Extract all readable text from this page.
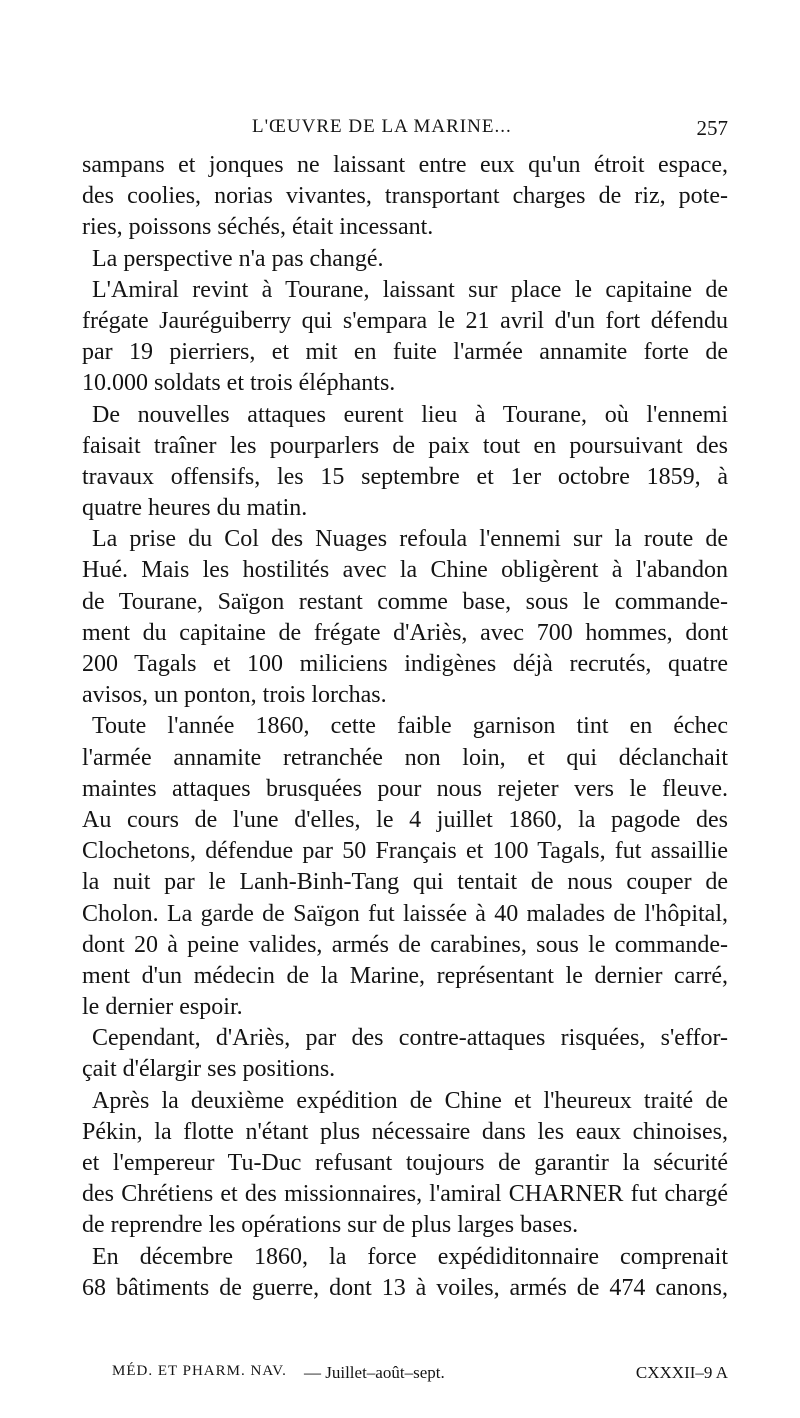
L'ŒUVRE DE LA MARINE...	257
sampans et jonques ne laissant entre eux qu'un étroit espace,
des coolies, norias vivantes, transportant charges de riz, pote-
ries, poissons séchés, était incessant.
La perspective n'a pas changé.
L'Amiral revint à Tourane, laissant sur place le capitaine de
frégate Jauréguiberry qui s'empara le 21 avril d'un fort défendu
par 19 pierriers, et mit en fuite l'armée annamite forte de
10.000 soldats et trois éléphants.
De nouvelles attaques eurent lieu à Tourane, où l'ennemi
faisait traîner les pourparlers de paix tout en poursuivant des
travaux offensifs, les 15 septembre et 1er octobre 1859, à
quatre heures du matin.
La prise du Col des Nuages refoula l'ennemi sur la route de
Hué. Mais les hostilités avec la Chine obligèrent à l'abandon
de Tourane, Saïgon restant comme base, sous le commande-
ment du capitaine de frégate d'Ariès, avec 700 hommes, dont
200 Tagals et 100 miliciens indigènes déjà recrutés, quatre
avisos, un ponton, trois lorchas.
Toute l'année 1860, cette faible garnison tint en échec
l'armée annamite retranchée non loin, et qui déclanchait
maintes attaques brusquées pour nous rejeter vers le fleuve.
Au cours de l'une d'elles, le 4 juillet 1860, la pagode des
Clochetons, défendue par 50 Français et 100 Tagals, fut assaillie
la nuit par le Lanh-Binh-Tang qui tentait de nous couper de
Cholon. La garde de Saïgon fut laissée à 40 malades de l'hôpital,
dont 20 à peine valides, armés de carabines, sous le commande-
ment d'un médecin de la Marine, représentant le dernier carré,
le dernier espoir.
Cependant, d'Ariès, par des contre-attaques risquées, s'effor-
çait d'élargir ses positions.
Après la deuxième expédition de Chine et l'heureux traité de
Pékin, la flotte n'étant plus nécessaire dans les eaux chinoises,
et l'empereur Tu-Duc refusant toujours de garantir la sécurité
des Chrétiens et des missionnaires, l'amiral CHARNER fut chargé
de reprendre les opérations sur de plus larges bases.
En décembre 1860, la force expédiditonnaire comprenait
68 bâtiments de guerre, dont 13 à voiles, armés de 474 canons,
MÉD. ET PHARM. NAV. — Juillet–août–sept.	CXXXII–9 A
